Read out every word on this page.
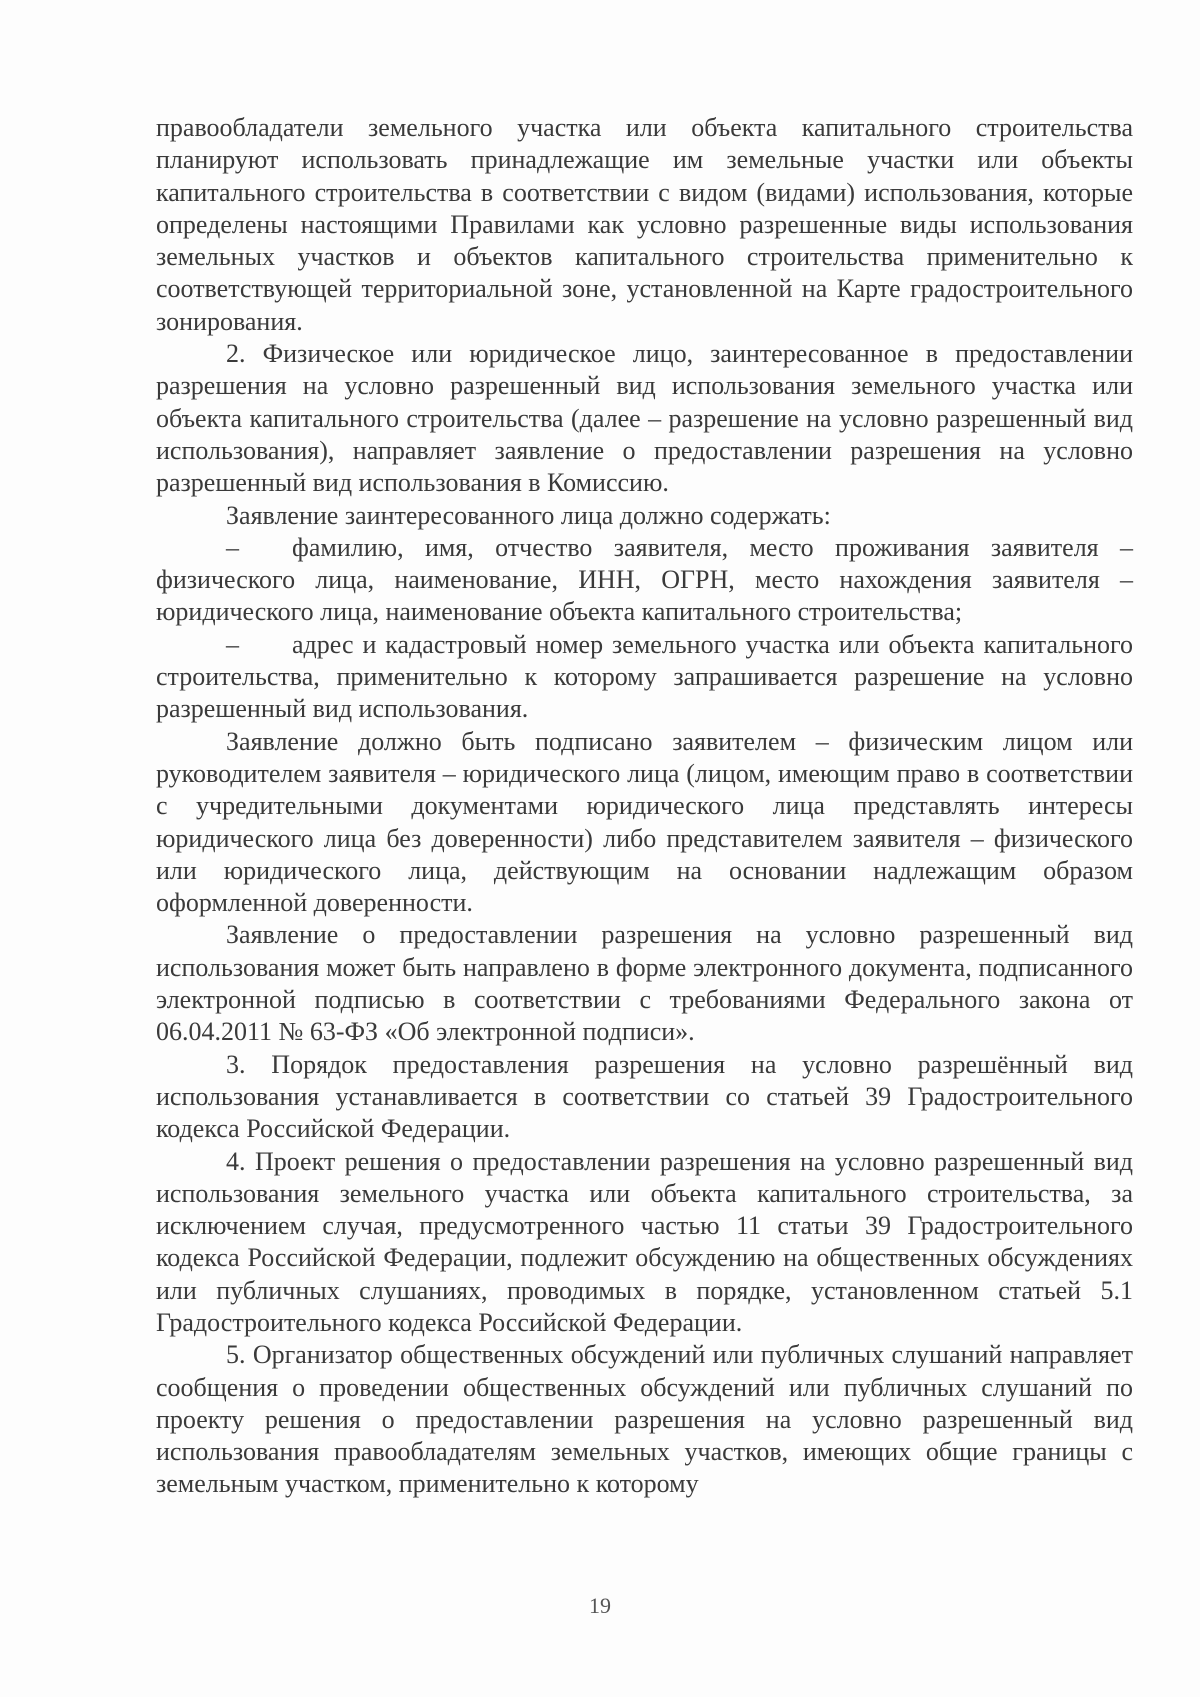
правообладатели земельного участка или объекта капитального строительства планируют использовать принадлежащие им земельные участки или объекты капитального строительства в соответствии с видом (видами) использования, которые определены настоящими Правилами как условно разрешенные виды использования земельных участков и объектов капитального строительства применительно к соответствующей территориальной зоне, установленной на Карте градостроительного зонирования.

2. Физическое или юридическое лицо, заинтересованное в предоставлении разрешения на условно разрешенный вид использования земельного участка или объекта капитального строительства (далее – разрешение на условно разрешенный вид использования), направляет заявление о предоставлении разрешения на условно разрешенный вид использования в Комиссию.

Заявление заинтересованного лица должно содержать:

– фамилию, имя, отчество заявителя, место проживания заявителя – физического лица, наименование, ИНН, ОГРН, место нахождения заявителя – юридического лица, наименование объекта капитального строительства;

– адрес и кадастровый номер земельного участка или объекта капитального строительства, применительно к которому запрашивается разрешение на условно разрешенный вид использования.

Заявление должно быть подписано заявителем – физическим лицом или руководителем заявителя – юридического лица (лицом, имеющим право в соответствии с учредительными документами юридического лица представлять интересы юридического лица без доверенности) либо представителем заявителя – физического или юридического лица, действующим на основании надлежащим образом оформленной доверенности.

Заявление о предоставлении разрешения на условно разрешенный вид использования может быть направлено в форме электронного документа, подписанного электронной подписью в соответствии с требованиями Федерального закона от 06.04.2011 № 63-ФЗ «Об электронной подписи».

3. Порядок предоставления разрешения на условно разрешённый вид использования устанавливается в соответствии со статьей 39 Градостроительного кодекса Российской Федерации.

4. Проект решения о предоставлении разрешения на условно разрешенный вид использования земельного участка или объекта капитального строительства, за исключением случая, предусмотренного частью 11 статьи 39 Градостроительного кодекса Российской Федерации, подлежит обсуждению на общественных обсуждениях или публичных слушаниях, проводимых в порядке, установленном статьей 5.1 Градостроительного кодекса Российской Федерации.

5. Организатор общественных обсуждений или публичных слушаний направляет сообщения о проведении общественных обсуждений или публичных слушаний по проекту решения о предоставлении разрешения на условно разрешенный вид использования правообладателям земельных участков, имеющих общие границы с земельным участком, применительно к которому

19
